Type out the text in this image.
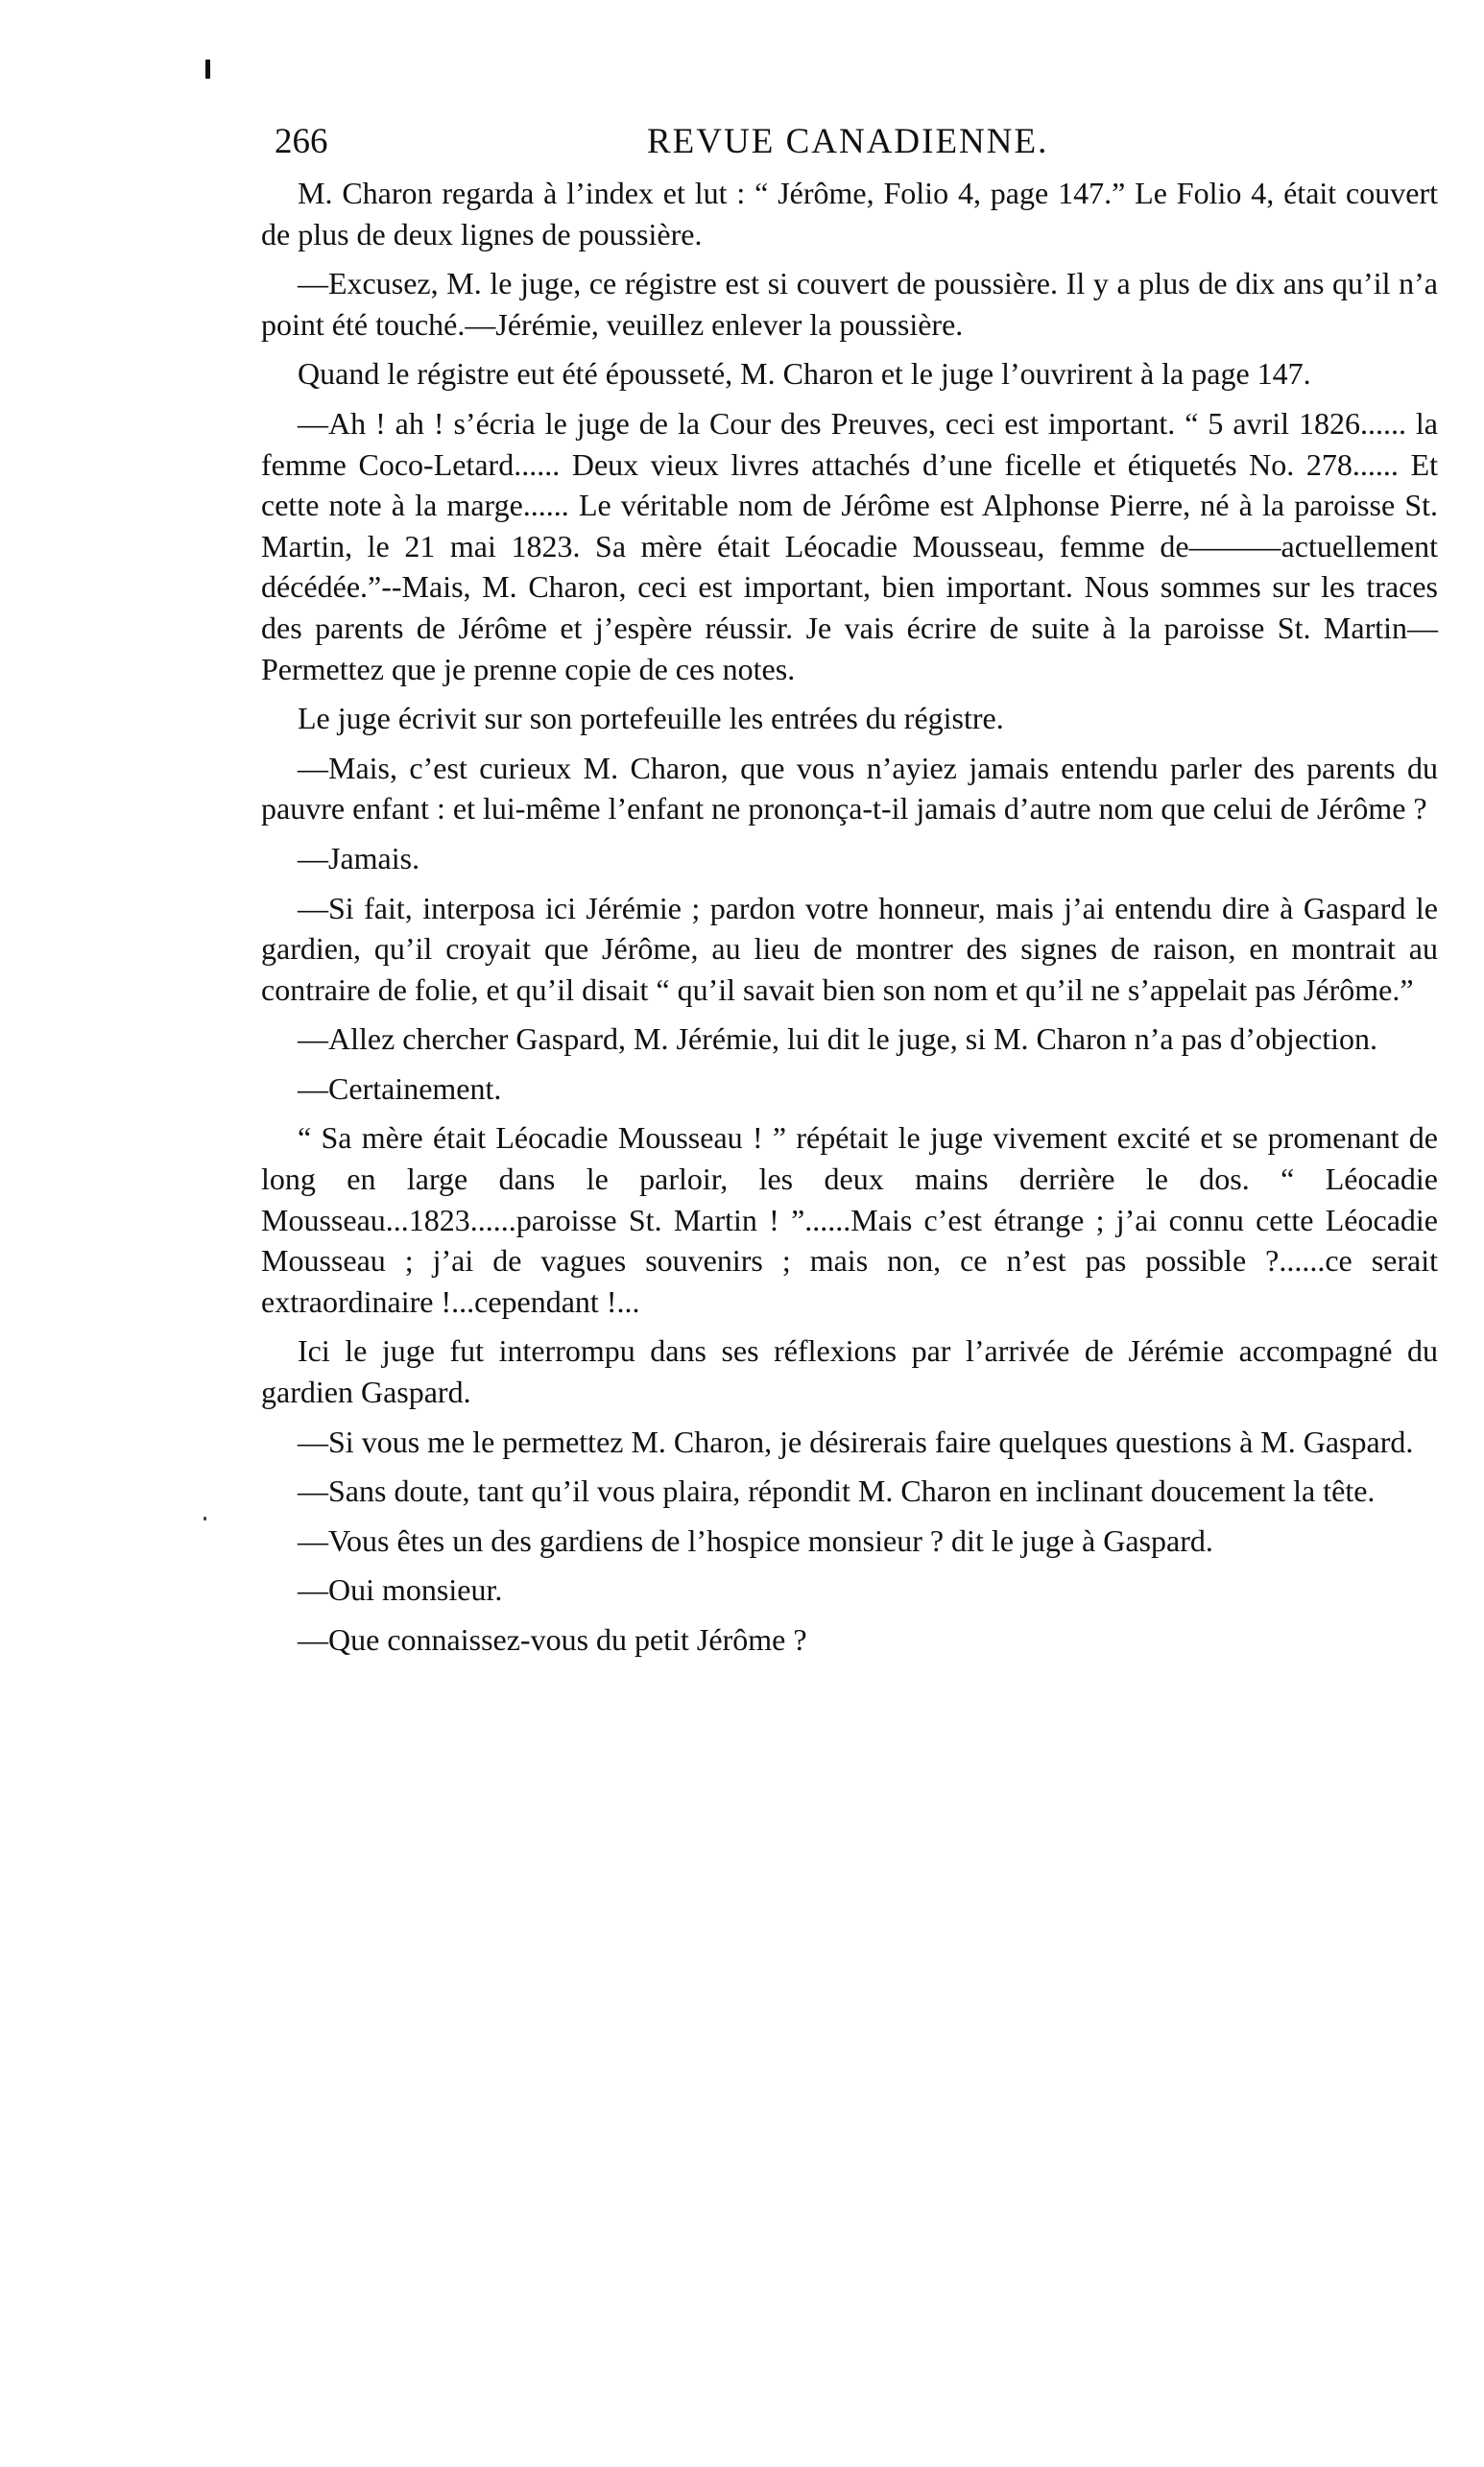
266	REVUE CANADIENNE.

M. Charon regarda à l’index et lut : “ Jérôme, Folio 4, page 147.” Le Folio 4, était couvert de plus de deux lignes de poussière.

—Excusez, M. le juge, ce régistre est si couvert de poussière. Il y a plus de dix ans qu’il n’a point été touché.—Jérémie, veuillez enlever la poussière.

Quand le régistre eut été épousseté, M. Charon et le juge l’ouvrirent à la page 147.

—Ah ! ah ! s’écria le juge de la Cour des Preuves, ceci est important. “ 5 avril 1826...... la femme Coco-Letard...... Deux vieux livres attachés d’une ficelle et étiquetés No. 278...... Et cette note à la marge...... Le véritable nom de Jérôme est Alphonse Pierre, né à la paroisse St. Martin, le 21 mai 1823. Sa mère était Léocadie Mousseau, femme de———actuellement décédée.”--Mais, M. Charon, ceci est important, bien important. Nous sommes sur les traces des parents de Jérôme et j’espère réussir. Je vais écrire de suite à la paroisse St. Martin—Permettez que je prenne copie de ces notes.

Le juge écrivit sur son portefeuille les entrées du régistre.

—Mais, c’est curieux M. Charon, que vous n’ayiez jamais entendu parler des parents du pauvre enfant : et lui-même l’enfant ne prononça-t-il jamais d’autre nom que celui de Jérôme ?

—Jamais.

—Si fait, interposa ici Jérémie ; pardon votre honneur, mais j’ai entendu dire à Gaspard le gardien, qu’il croyait que Jérôme, au lieu de montrer des signes de raison, en montrait au contraire de folie, et qu’il disait “ qu’il savait bien son nom et qu’il ne s’appelait pas Jérôme.”

—Allez chercher Gaspard, M. Jérémie, lui dit le juge, si M. Charon n’a pas d’objection.

—Certainement.

“ Sa mère était Léocadie Mousseau ! ” répétait le juge vivement excité et se promenant de long en large dans le parloir, les deux mains derrière le dos. “ Léocadie Mousseau...1823......paroisse St. Martin ! ”......Mais c’est étrange ; j’ai connu cette Léocadie Mousseau ; j’ai de vagues souvenirs ; mais non, ce n’est pas possible ?......ce serait extraordinaire !...cependant !...

Ici le juge fut interrompu dans ses réflexions par l’arrivée de Jérémie accompagné du gardien Gaspard.

—Si vous me le permettez M. Charon, je désirerais faire quelques questions à M. Gaspard.

—Sans doute, tant qu’il vous plaira, répondit M. Charon en inclinant doucement la tête.

—Vous êtes un des gardiens de l’hospice monsieur ? dit le juge à Gaspard.

—Oui monsieur.

—Que connaissez-vous du petit Jérôme ?
